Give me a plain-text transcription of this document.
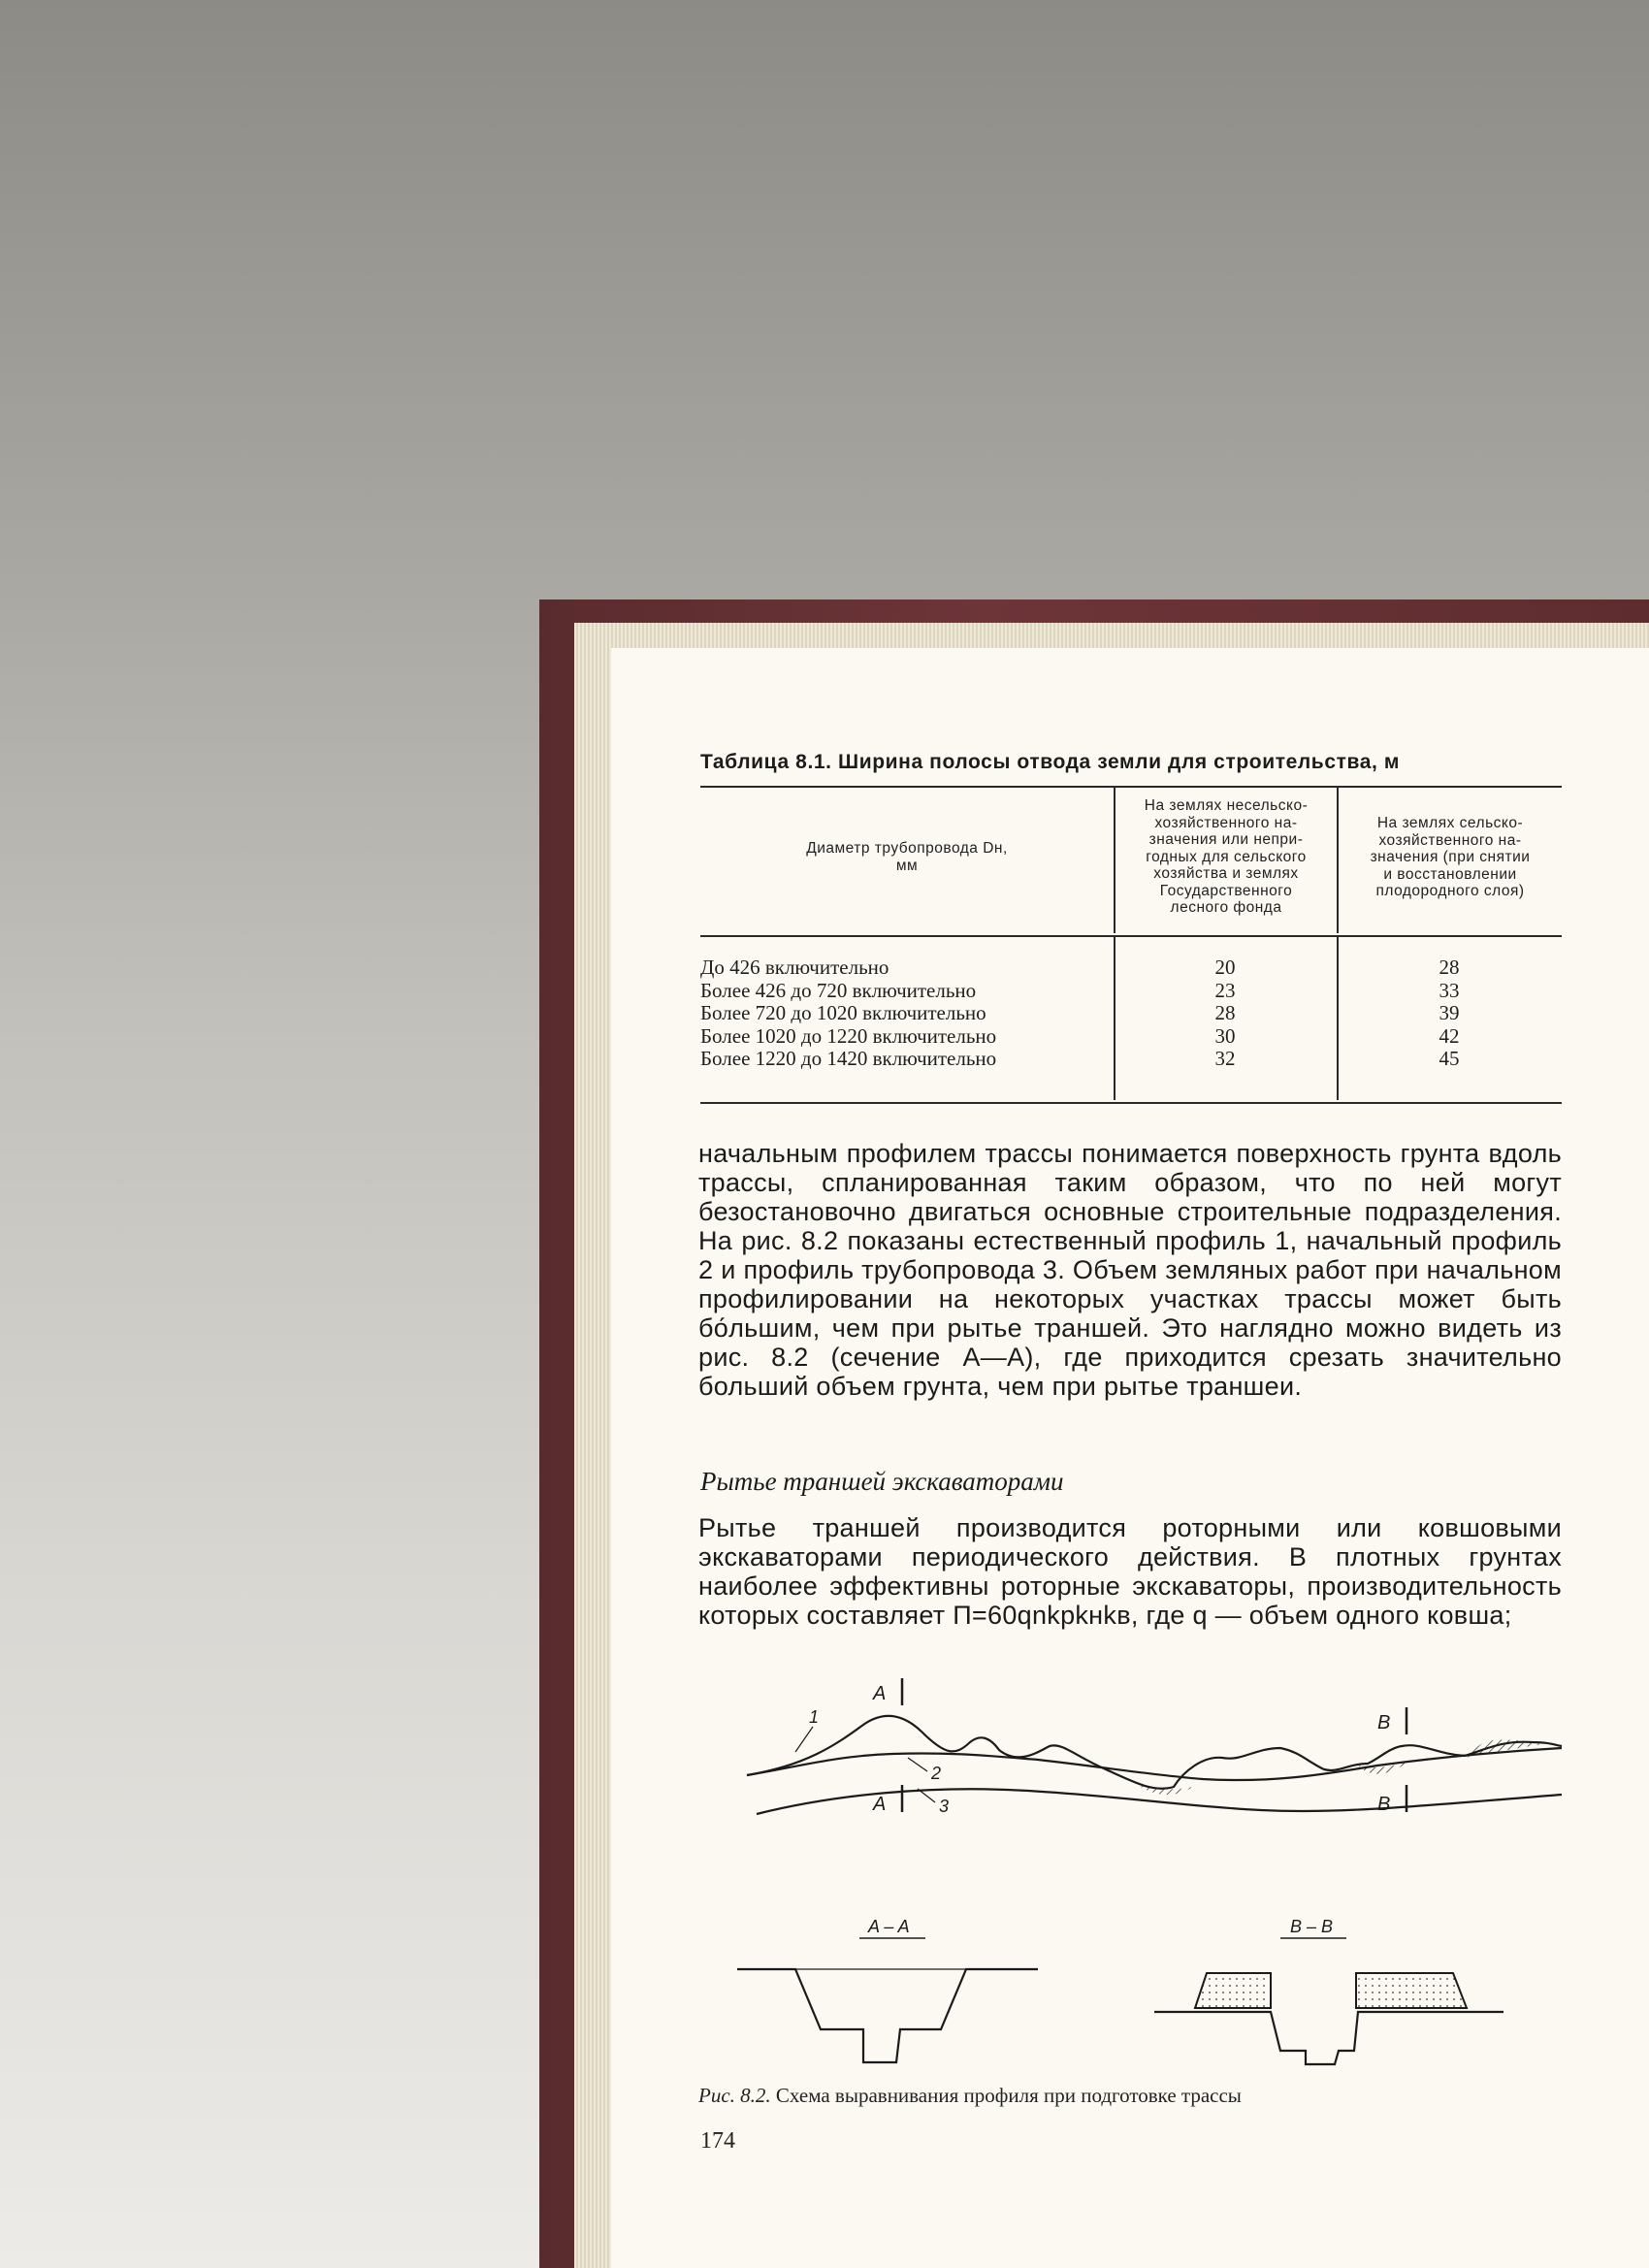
Таблица 8.1. Ширина полосы отвода земли для строительства, м
Диаметр трубопровода Dн,
мм
На землях несельско-
хозяйственного на-
значения или непри-
годных для сельского
хозяйства и землях
Государственного
лесного фонда
На землях сельско-
хозяйственного на-
значения (при снятии
и восстановлении
плодородного слоя)
До 426 включительно
Более 426 до 720 включительно
Более 720 до 1020 включительно
Более 1020 до 1220 включительно
Более 1220 до 1420 включительно
20
23
28
30
32
28
33
39
42
45

начальным профилем трассы понимается поверхность грунта вдоль трассы, спланированная таким образом, что по ней могут безостановочно двигаться основные строительные подразделения. На рис. 8.2 показаны естественный профиль 1, начальный профиль 2 и профиль трубопровода 3. Объем земляных работ при начальном профилировании на некоторых участках трассы может быть бо́льшим, чем при рытье траншей. Это наглядно можно видеть из рис. 8.2 (сечение А—А), где приходится срезать значительно больший объем грунта, чем при рытье траншеи.

Рытье траншей экскаваторами

Рытье траншей производится роторными или ковшовыми экскаваторами периодического действия. В плотных грунтах наиболее эффективны роторные экскаваторы, производительность которых составляет П=60qnkрkнkв, где q — объем одного ковша;

A
A
B
B
1
2
3
A – A	B – B

Рис. 8.2. Схема выравнивания профиля при подготовке трассы

174
